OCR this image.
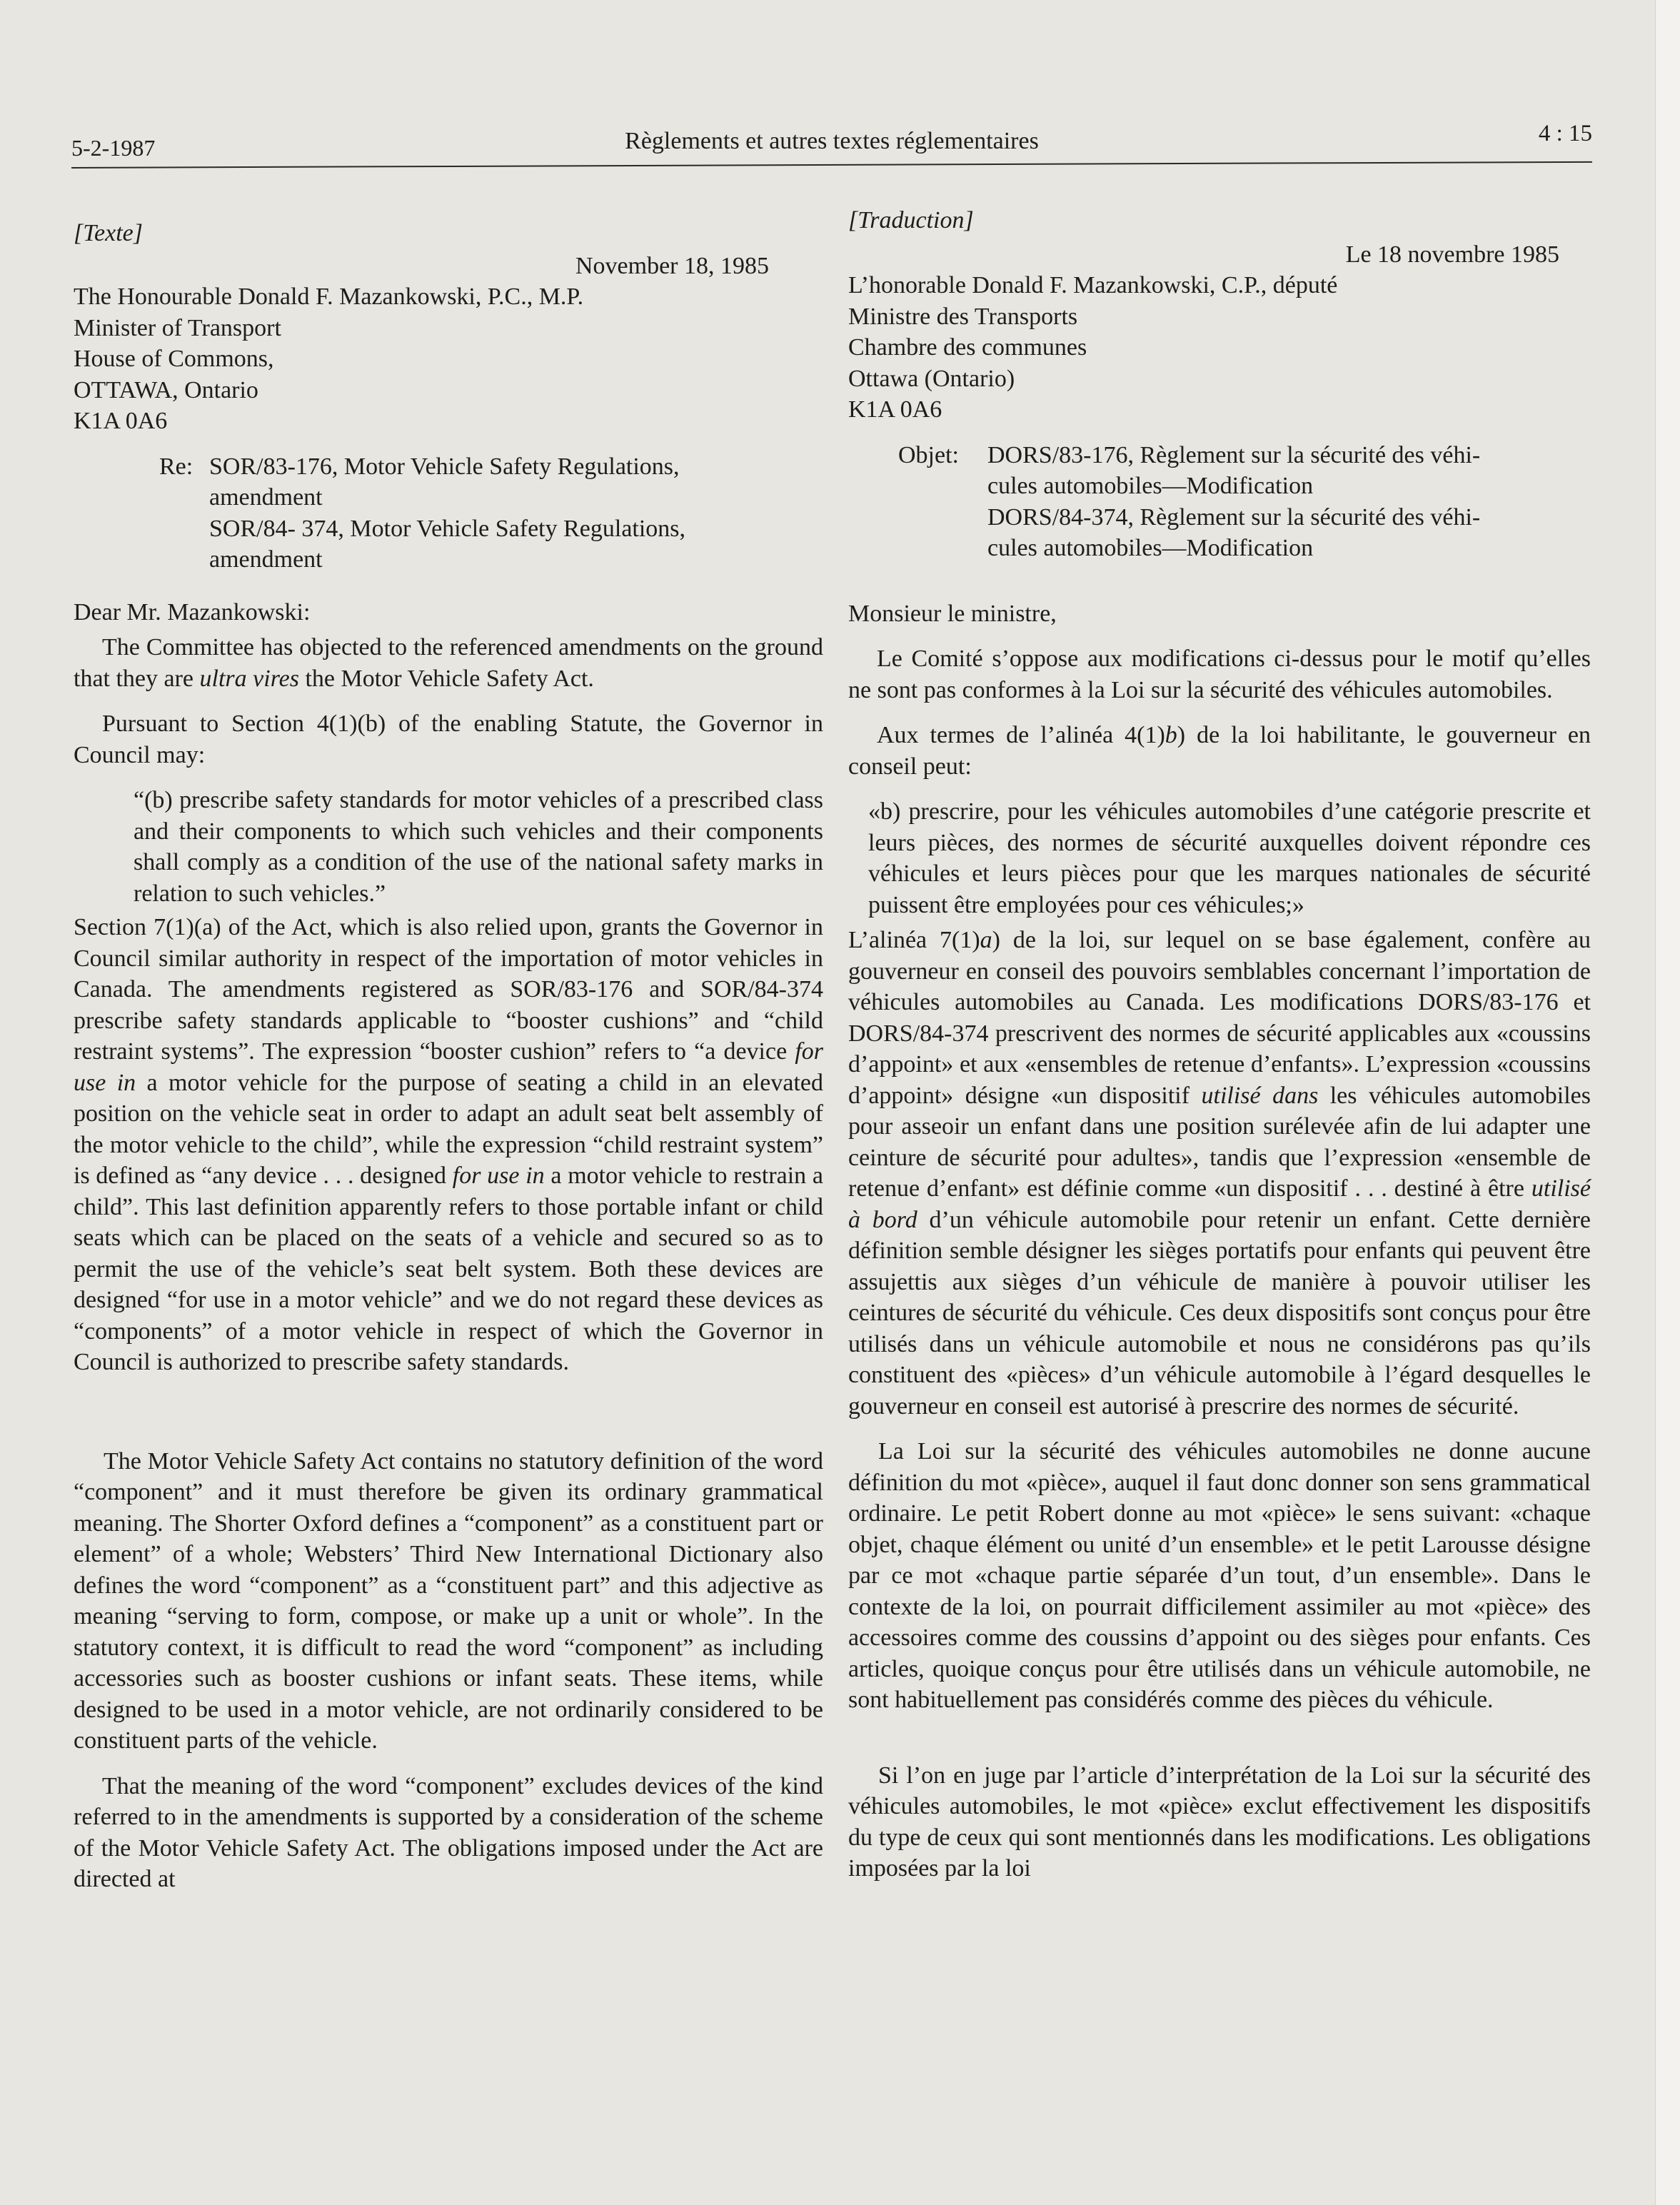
5-2-1987	Règlements et autres textes réglementaires	4 : 15

[Texte]

November 18, 1985

The Honourable Donald F. Mazankowski, P.C., M.P.

Minister of Transport

House of Commons,

OTTAWA, Ontario

K1A 0A6

Re: SOR/83-176, Motor Vehicle Safety Regulations,

amendment

SOR/84- 374, Motor Vehicle Safety Regulations,

amendment

Dear Mr. Mazankowski:

The Committee has objected to the referenced amendments on the ground that they are ultra vires the Motor Vehicle Safety Act.

Pursuant to Section 4(1)(b) of the enabling Statute, the Governor in Council may:

“(b) prescribe safety standards for motor vehicles of a prescribed class and their components to which such vehicles and their components shall comply as a condition of the use of the national safety marks in relation to such vehicles.”

Section 7(1)(a) of the Act, which is also relied upon, grants the Governor in Council similar authority in respect of the importation of motor vehicles in Canada. The amendments registered as SOR/83-176 and SOR/84-374 prescribe safety standards applicable to “booster cushions” and “child restraint systems”. The expression “booster cushion” refers to “a device for use in a motor vehicle for the purpose of seating a child in an elevated position on the vehicle seat in order to adapt an adult seat belt assembly of the motor vehicle to the child”, while the expression “child restraint system” is defined as “any device . . . designed for use in a motor vehicle to restrain a child”. This last definition apparently refers to those portable infant or child seats which can be placed on the seats of a vehicle and secured so as to permit the use of the vehicle’s seat belt system. Both these devices are designed “for use in a motor vehicle” and we do not regard these devices as “components” of a motor vehicle in respect of which the Governor in Council is authorized to prescribe safety standards.

The Motor Vehicle Safety Act contains no statutory definition of the word “component” and it must therefore be given its ordinary grammatical meaning. The Shorter Oxford defines a “component” as a constituent part or element” of a whole; Websters’ Third New International Dictionary also defines the word “component” as a “constituent part” and this adjective as meaning “serving to form, compose, or make up a unit or whole”. In the statutory context, it is difficult to read the word “component” as including accessories such as booster cushions or infant seats. These items, while designed to be used in a motor vehicle, are not ordinarily considered to be constituent parts of the vehicle.

That the meaning of the word “component” excludes devices of the kind referred to in the amendments is supported by a consideration of the scheme of the Motor Vehicle Safety Act. The obligations imposed under the Act are directed at

[Traduction]

Le 18 novembre 1985

L’honorable Donald F. Mazankowski, C.P., député

Ministre des Transports

Chambre des communes

Ottawa (Ontario)

K1A 0A6

Objet: DORS/83-176, Règlement sur la sécurité des véhi-

cules automobiles—Modification

DORS/84-374, Règlement sur la sécurité des véhi-

cules automobiles—Modification

Monsieur le ministre,

Le Comité s’oppose aux modifications ci-dessus pour le motif qu’elles ne sont pas conformes à la Loi sur la sécurité des véhicules automobiles.

Aux termes de l’alinéa 4(1)b) de la loi habilitante, le gouverneur en conseil peut:

«b) prescrire, pour les véhicules automobiles d’une catégorie prescrite et leurs pièces, des normes de sécurité auxquelles doivent répondre ces véhicules et leurs pièces pour que les marques nationales de sécurité puissent être employées pour ces véhicules;»

L’alinéa 7(1)a) de la loi, sur lequel on se base également, confère au gouverneur en conseil des pouvoirs semblables concernant l’importation de véhicules automobiles au Canada. Les modifications DORS/83-176 et DORS/84-374 prescrivent des normes de sécurité applicables aux «coussins d’appoint» et aux «ensembles de retenue d’enfants». L’expression «coussins d’appoint» désigne «un dispositif utilisé dans les véhicules automobiles pour asseoir un enfant dans une position surélevée afin de lui adapter une ceinture de sécurité pour adultes», tandis que l’expression «ensemble de retenue d’enfant» est définie comme «un dispositif . . . destiné à être utilisé à bord d’un véhicule automobile pour retenir un enfant. Cette dernière définition semble désigner les sièges portatifs pour enfants qui peuvent être assujettis aux sièges d’un véhicule de manière à pouvoir utiliser les ceintures de sécurité du véhicule. Ces deux dispositifs sont conçus pour être utilisés dans un véhicule automobile et nous ne considérons pas qu’ils constituent des «pièces» d’un véhicule automobile à l’égard desquelles le gouverneur en conseil est autorisé à prescrire des normes de sécurité.

La Loi sur la sécurité des véhicules automobiles ne donne aucune définition du mot «pièce», auquel il faut donc donner son sens grammatical ordinaire. Le petit Robert donne au mot «pièce» le sens suivant: «chaque objet, chaque élément ou unité d’un ensemble» et le petit Larousse désigne par ce mot «chaque partie séparée d’un tout, d’un ensemble». Dans le contexte de la loi, on pourrait difficilement assimiler au mot «pièce» des accessoires comme des coussins d’appoint ou des sièges pour enfants. Ces articles, quoique conçus pour être utilisés dans un véhicule automobile, ne sont habituellement pas considérés comme des pièces du véhicule.

Si l’on en juge par l’article d’interprétation de la Loi sur la sécurité des véhicules automobiles, le mot «pièce» exclut effectivement les dispositifs du type de ceux qui sont mentionnés dans les modifications. Les obligations imposées par la loi
